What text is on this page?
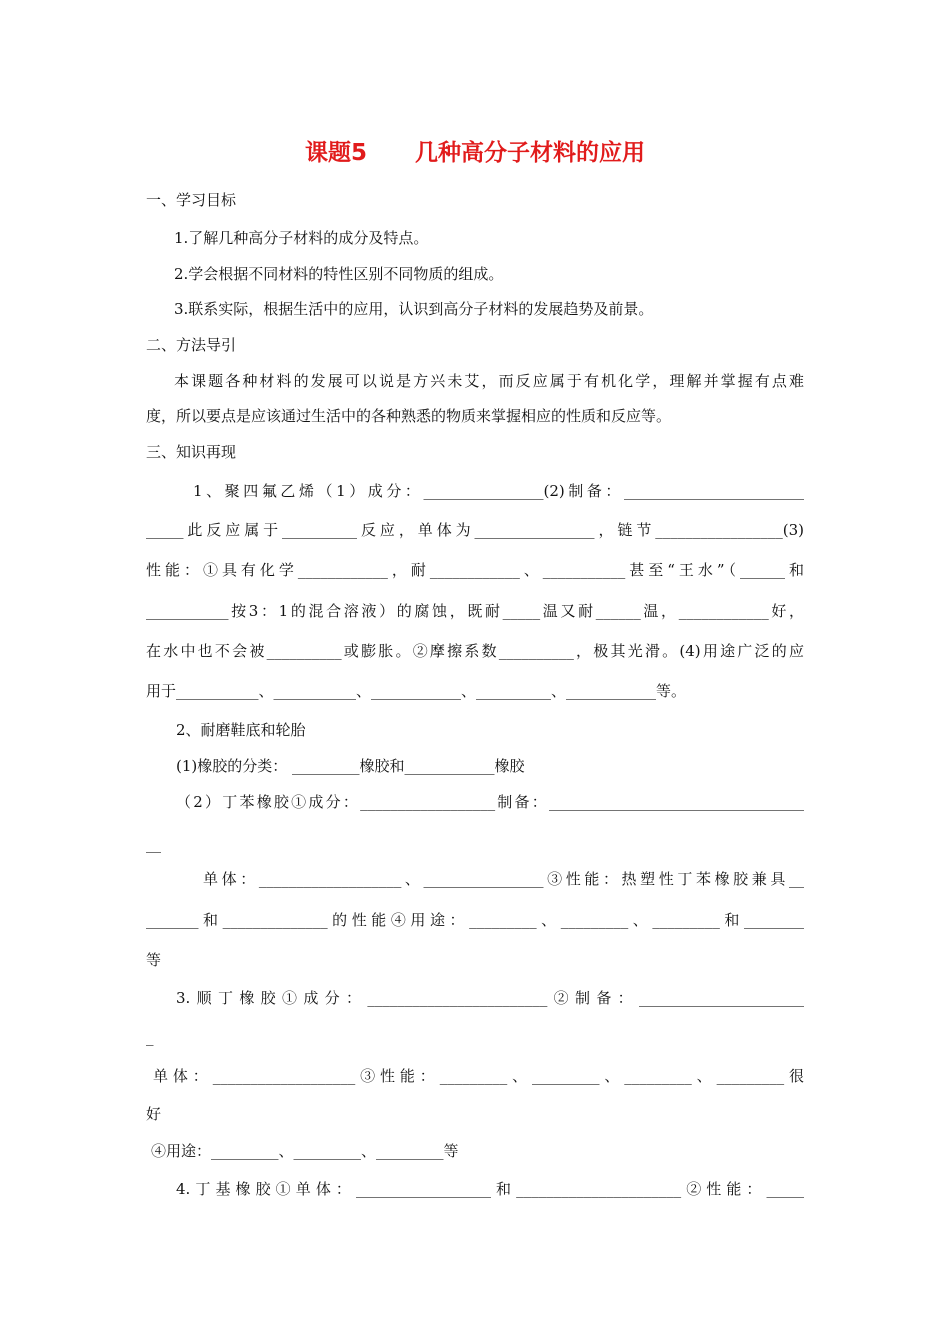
课题5      几种高分子材料的应用
一、学习目标
1.了解几种高分子材料的成分及特点。
2.学会根据不同材料的特性区别不同物质的组成。
3.联系实际，根据生活中的应用，认识到高分子材料的发展趋势及前景。
二、方法导引
本课题各种材料的发展可以说是方兴未艾，而反应属于有机化学，理解并掌握有点难
度，所以要点是应该通过生活中的各种熟悉的物质来掌握相应的性质和反应等。
三、知识再现
1、聚四氟乙烯（1）成分：________________(2)制备：________________________
_____此反应属于__________反应，单体为________________，链节_________________(3)
性能：①具有化学____________，耐____________、___________甚至“王水”（______和
___________按3：1的混合溶液）的腐蚀，既耐_____温又耐______温，____________好，
在水中也不会被__________或膨胀。②摩擦系数__________，极其光滑。(4)用途广泛的应
用于___________、___________、____________、__________、____________等。
2、耐磨鞋底和轮胎
(1)橡胶的分类： _________橡胶和____________橡胶
（2）丁苯橡胶①成分：__________________制备：__________________________________
__
单体：___________________、________________③性能：热塑性丁苯橡胶兼具__
_______和______________的性能④用途：_________、_________、_________和________
等
3.顺丁橡胶①成分：________________________②制备：______________________
_
单体：___________________③性能：_________、_________、_________、_________很
好
④用途：_________、_________、_________等
4.丁基橡胶①单体：__________________和______________________②性能：_____
